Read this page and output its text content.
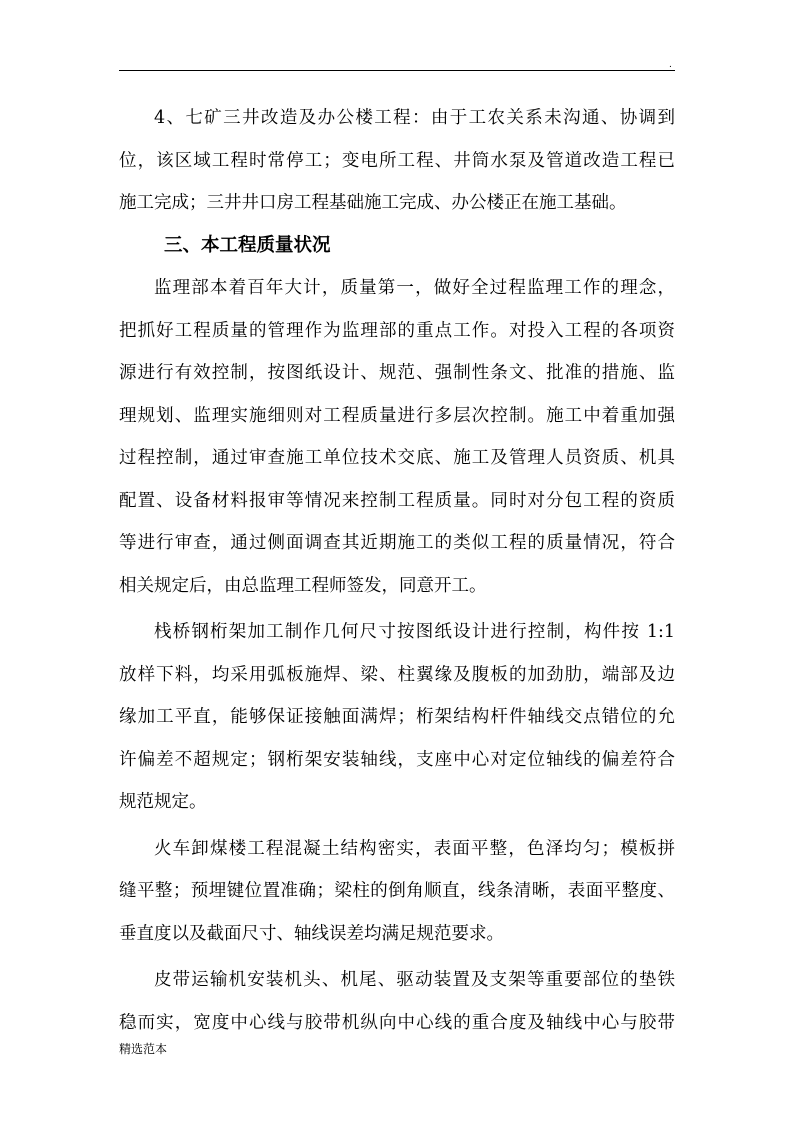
.
4、七矿三井改造及办公楼工程：由于工农关系未沟通、协调到
位，该区域工程时常停工；变电所工程、井筒水泵及管道改造工程已
施工完成；三井井口房工程基础施工完成、办公楼正在施工基础。
三、本工程质量状况
监理部本着百年大计，质量第一，做好全过程监理工作的理念，
把抓好工程质量的管理作为监理部的重点工作。对投入工程的各项资
源进行有效控制，按图纸设计、规范、强制性条文、批准的措施、监
理规划、监理实施细则对工程质量进行多层次控制。施工中着重加强
过程控制，通过审查施工单位技术交底、施工及管理人员资质、机具
配置、设备材料报审等情况来控制工程质量。同时对分包工程的资质
等进行审查，通过侧面调查其近期施工的类似工程的质量情况，符合
相关规定后，由总监理工程师签发，同意开工。
栈桥钢桁架加工制作几何尺寸按图纸设计进行控制，构件按 1:1
放样下料，均采用弧板施焊、梁、柱翼缘及腹板的加劲肋，端部及边
缘加工平直，能够保证接触面满焊；桁架结构杆件轴线交点错位的允
许偏差不超规定；钢桁架安装轴线，支座中心对定位轴线的偏差符合
规范规定。
火车卸煤楼工程混凝土结构密实，表面平整，色泽均匀；模板拼
缝平整；预埋键位置准确；梁柱的倒角顺直，线条清晰，表面平整度、
垂直度以及截面尺寸、轴线误差均满足规范要求。
皮带运输机安装机头、机尾、驱动装置及支架等重要部位的垫铁
稳而实，宽度中心线与胶带机纵向中心线的重合度及轴线中心与胶带
精选范本
